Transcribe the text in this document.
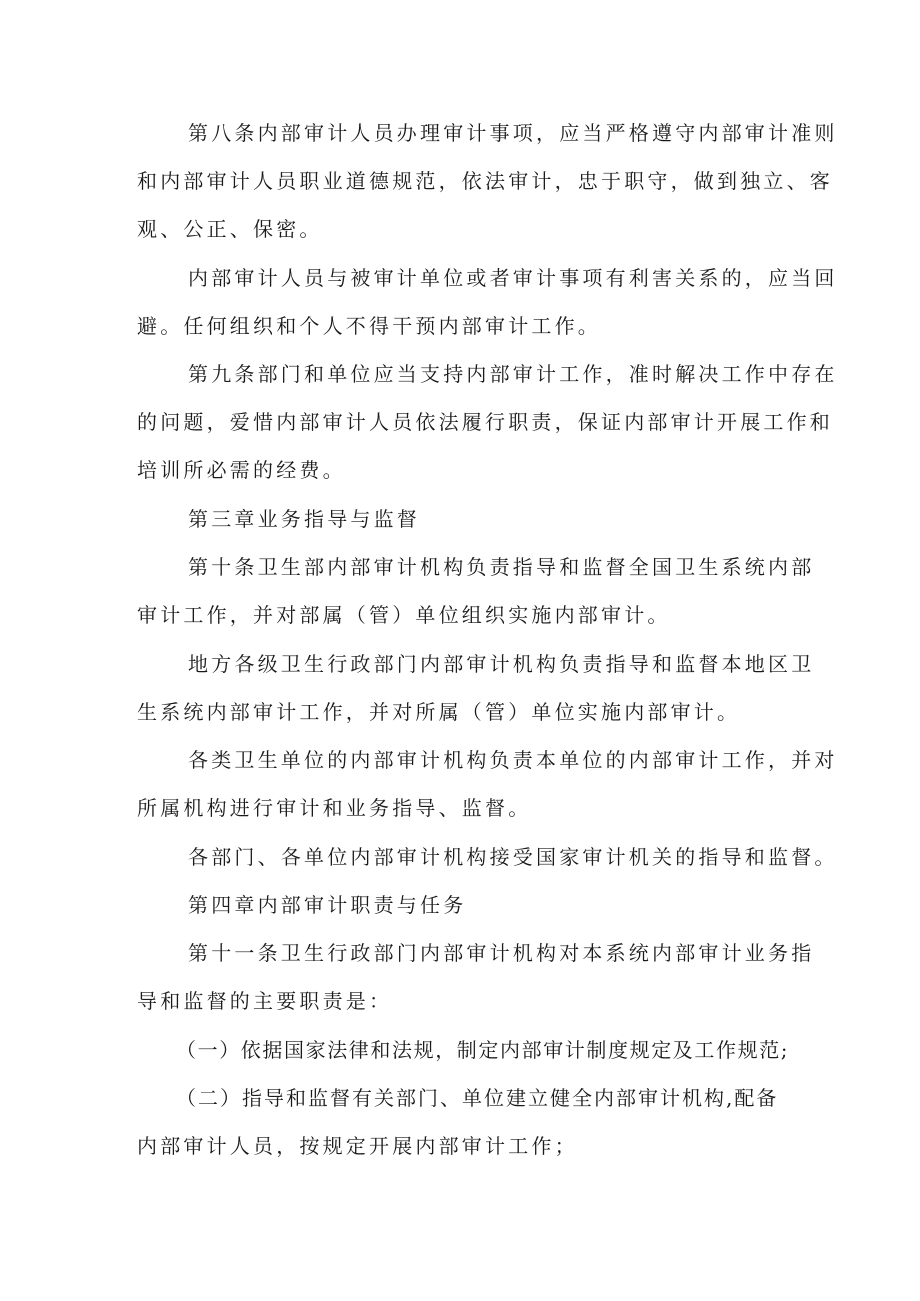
第八条内部审计人员办理审计事项，应当严格遵守内部审计准则
和内部审计人员职业道德规范，依法审计，忠于职守，做到独立、客
观、公正、保密。
内部审计人员与被审计单位或者审计事项有利害关系的，应当回
避。任何组织和个人不得干预内部审计工作。
第九条部门和单位应当支持内部审计工作，准时解决工作中存在
的问题，爱惜内部审计人员依法履行职责，保证内部审计开展工作和
培训所必需的经费。
第三章业务指导与监督
第十条卫生部内部审计机构负责指导和监督全国卫生系统内部
审计工作，并对部属（管）单位组织实施内部审计。
地方各级卫生行政部门内部审计机构负责指导和监督本地区卫
生系统内部审计工作，并对所属（管）单位实施内部审计。
各类卫生单位的内部审计机构负责本单位的内部审计工作，并对
所属机构进行审计和业务指导、监督。
各部门、各单位内部审计机构接受国家审计机关的指导和监督。
第四章内部审计职责与任务
第十一条卫生行政部门内部审计机构对本系统内部审计业务指
导和监督的主要职责是：
（一）依据国家法律和法规，制定内部审计制度规定及工作规范;
（二）指导和监督有关部门、单位建立健全内部审计机构,配备
内部审计人员，按规定开展内部审计工作；
